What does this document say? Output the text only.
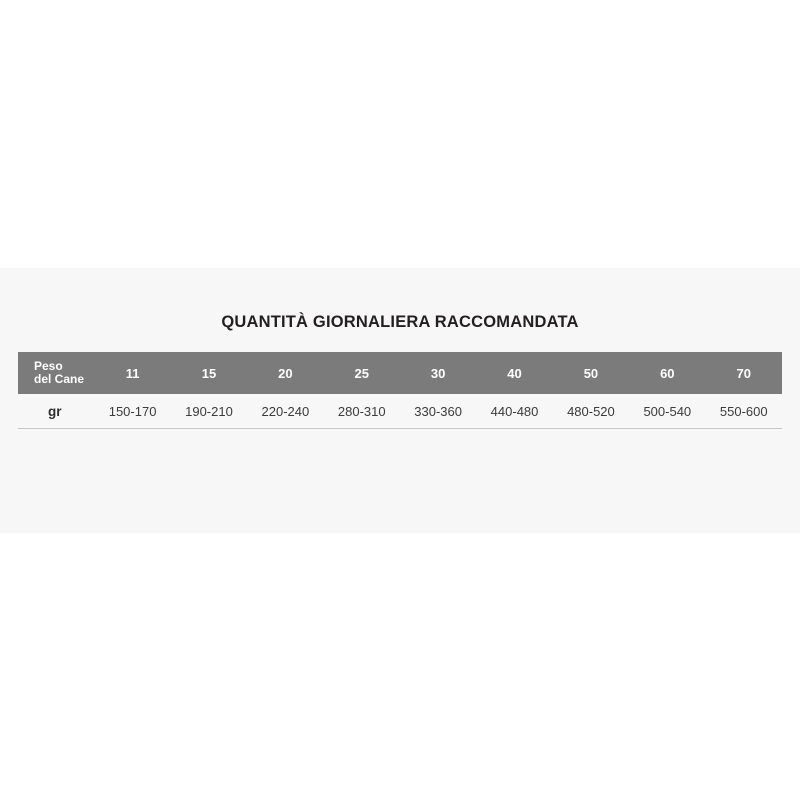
QUANTITÀ GIORNALIERA RACCOMANDATA
Peso
del Cane	11	15	20	25	30	40	50	60	70
gr	150-170	190-210	220-240	280-310	330-360	440-480	480-520	500-540	550-600
